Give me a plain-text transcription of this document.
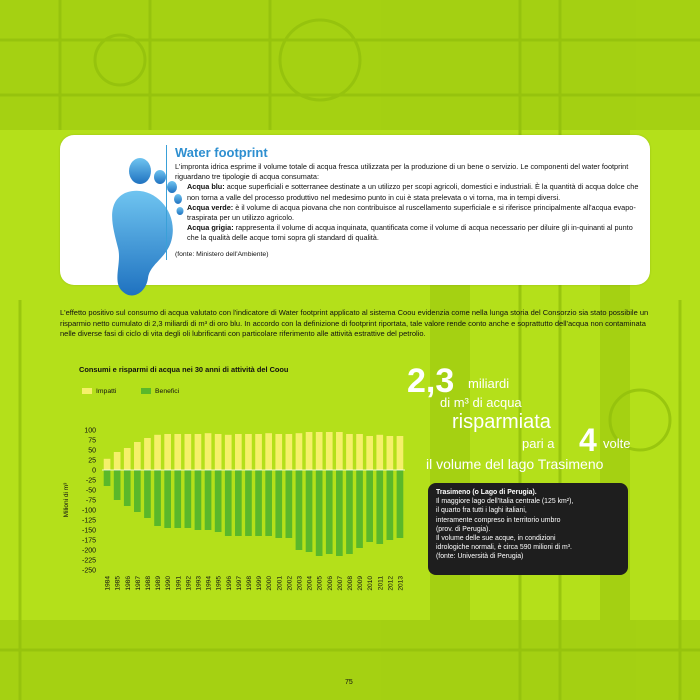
Water footprint

L'impronta idrica esprime il volume totale di acqua fresca utilizzata per la produzione di un bene o servizio. Le componenti del water footprint riguardano tre tipologie di acqua consumata:

Acqua blu: acque superficiali e sotterranee destinate a un utilizzo per scopi agricoli, domestici e industriali. È la quantità di acqua dolce che non torna a valle del processo produttivo nel medesimo punto in cui è stata prelevata o vi torna, ma in tempi diversi.

Acqua verde: è il volume di acqua piovana che non contribuisce al ruscellamento superficiale e si riferisce principalmente all'acqua evapo-traspirata per un utilizzo agricolo.

Acqua grigia: rappresenta il volume di acqua inquinata, quantificata come il volume di acqua necessario per diluire gli in-quinanti al punto che la qualità delle acque torni sopra gli standard di qualità.

(fonte: Ministero dell'Ambiente)

L'effetto positivo sul consumo di acqua valutato con l'indicatore di Water footprint applicato al sistema Coou evidenzia come nella lunga storia del Consorzio sia stato possibile un risparmio netto cumulato di 2,3 miliardi di m³ di oro blu. In accordo con la definizione di footprint riportata, tale valore rende conto anche e soprattutto dell'acqua non contaminata nelle diverse fasi di ciclo di vita degli oli lubrificanti con particolare riferimento alle attività estrattive del petrolio.
Consumi e risparmi di acqua nei 30 anni di attività del Coou
Impatti	Benefici
100
75
50
25
0
-25
-50
-75
-100
-125
-150
-175
-200
-225
-250
Milioni di m³
1984 1985 1986 1987 1988 1989 1990 1991 1992 1993 1994 1995 1996 1997 1998 1999 2000 2001 2002 2003 2004 2005 2006 2007 2008 2009 2010 2011 2012 2013
2,3 miliardi
di m³ di acqua
risparmiata
pari a 4 volte
il volume del lago Trasimeno
Trasimeno (o Lago di Perugia).
Il maggiore lago dell'Italia centrale (125 km²),
il quarto fra tutti i laghi italiani,
interamente compreso in territorio umbro
(prov. di Perugia).
Il volume delle sue acque, in condizioni
idrologiche normali, è circa 590 milioni di m³.
(fonte: Università di Perugia)
75
